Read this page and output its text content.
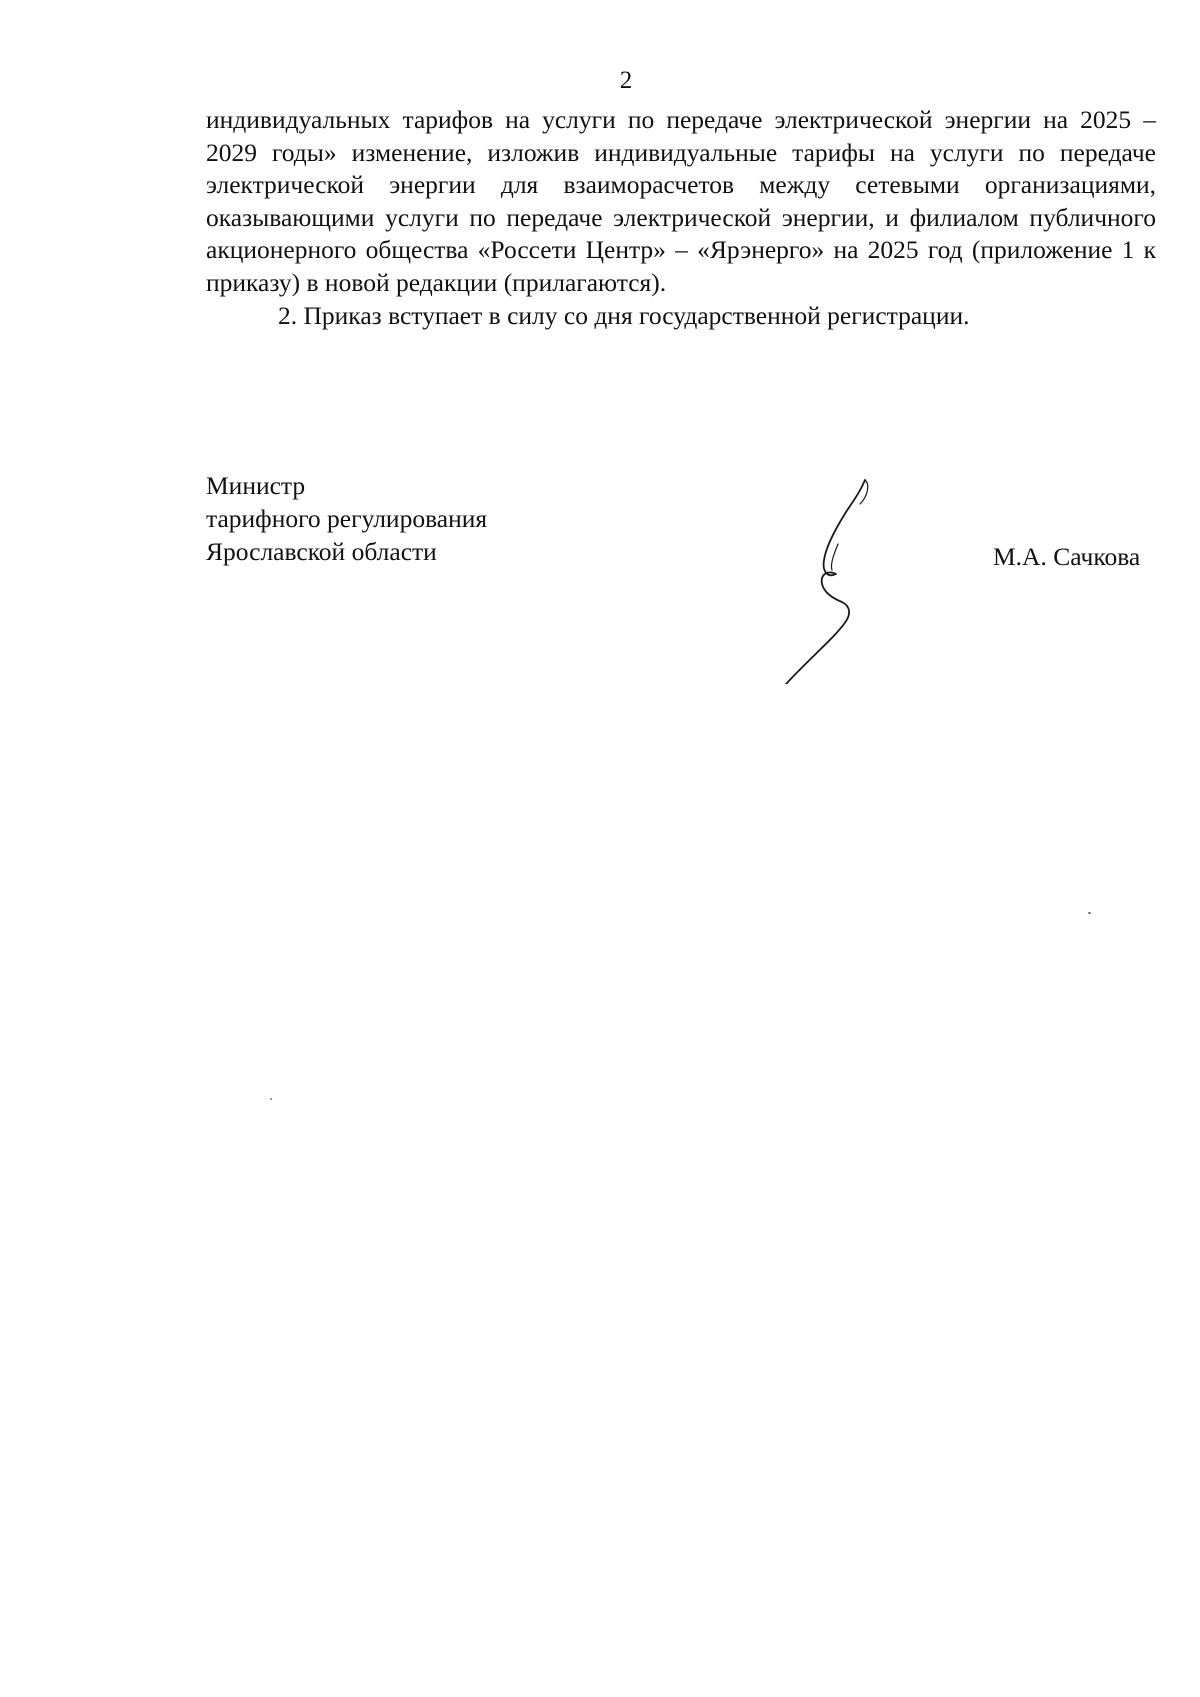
2

индивидуальных тарифов на услуги по передаче электрической энергии на 2025 – 2029 годы» изменение, изложив индивидуальные тарифы на услуги по передаче электрической энергии для взаиморасчетов между сетевыми организациями, оказывающими услуги по передаче электрической энергии, и филиалом публичного акционерного общества «Россети Центр» – «Ярэнерго» на 2025 год (приложение 1 к приказу) в новой редакции (прилагаются).

2. Приказ вступает в силу со дня государственной регистрации.

Министр
тарифного регулирования
Ярославской области	М.А. Сачкова
